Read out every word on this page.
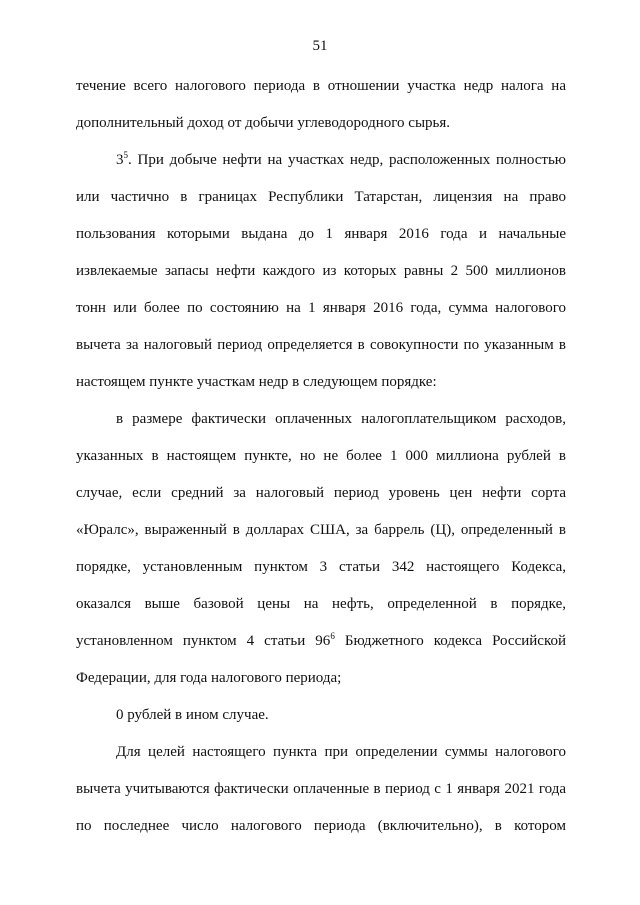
51
течение всего налогового периода в отношении участка недр налога на
дополнительный доход от добычи углеводородного сырья.
$3^5$. При добыче нефти на участках недр, расположенных полностью
или частично в границах Республики Татарстан, лицензия на право
пользования которыми выдана до 1 января 2016 года и начальные
извлекаемые запасы нефти каждого из которых равны 2 500 миллионов
тонн или более по состоянию на 1 января 2016 года, сумма налогового
вычета за налоговый период определяется в совокупности по указанным в
настоящем пункте участкам недр в следующем порядке:
в размере фактически оплаченных налогоплательщиком расходов,
указанных в настоящем пункте, но не более 1 000 миллиона рублей в
случае, если средний за налоговый период уровень цен нефти сорта
«Юралс», выраженный в долларах США, за баррель (Ц), определенный в
порядке, установленным пунктом 3 статьи 342 настоящего Кодекса,
оказался выше базовой цены на нефть, определенной в порядке,
установленном пунктом 4 статьи $96^6$ Бюджетного кодекса Российской
Федерации, для года налогового периода;
0 рублей в ином случае.
Для целей настоящего пункта при определении суммы налогового
вычета учитываются фактически оплаченные в период с 1 января 2021 года
по последнее число налогового периода (включительно), в котором
